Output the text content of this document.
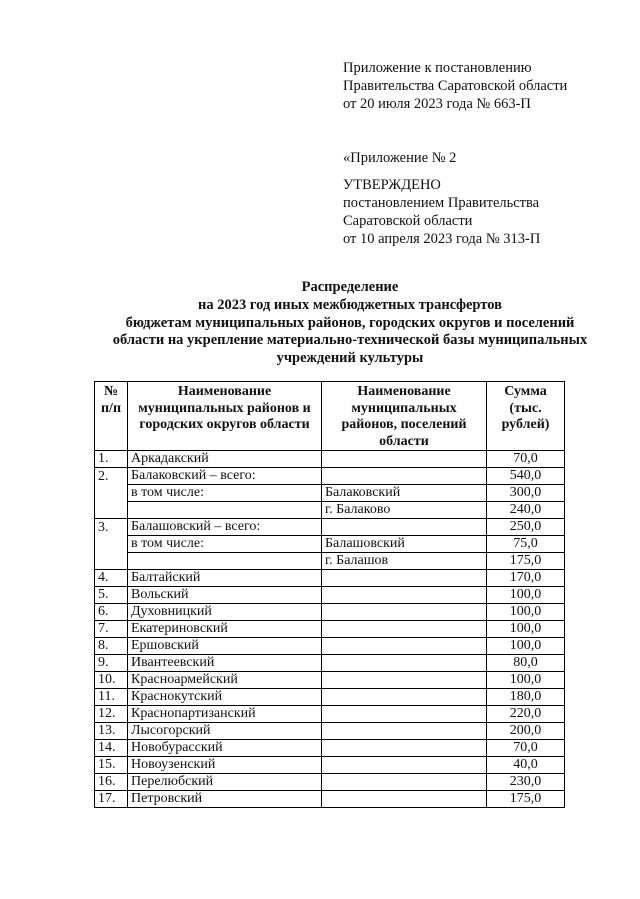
Приложение к постановлению
Правительства Саратовской области
от 20 июля 2023 года № 663-П
«Приложение № 2
УТВЕРЖДЕНО
постановлением Правительства
Саратовской области
от 10 апреля 2023 года № 313-П
Распределение
на 2023 год иных межбюджетных трансфертов
бюджетам муниципальных районов, городских округов и поселений
области на укрепление материально-технической базы муниципальных
учреждений культуры
№ п/п	Наименование муниципальных районов и городских округов области	Наименование муниципальных районов, поселений области	Сумма (тыс. рублей)
1.	Аркадакский		70,0
2.	Балаковский – всего:		540,0
	в том числе:	Балаковский	300,0
		г. Балаково	240,0
3.	Балашовский – всего:		250,0
	в том числе:	Балашовский	75,0
		г. Балашов	175,0
4.	Балтайский		170,0
5.	Вольский		100,0
6.	Духовницкий		100,0
7.	Екатериновский		100,0
8.	Ершовский		100,0
9.	Ивантеевский		80,0
10.	Красноармейский		100,0
11.	Краснокутский		180,0
12.	Краснопартизанский		220,0
13.	Лысогорский		200,0
14.	Новобурасский		70,0
15.	Новоузенский		40,0
16.	Перелюбский		230,0
17.	Петровский		175,0
